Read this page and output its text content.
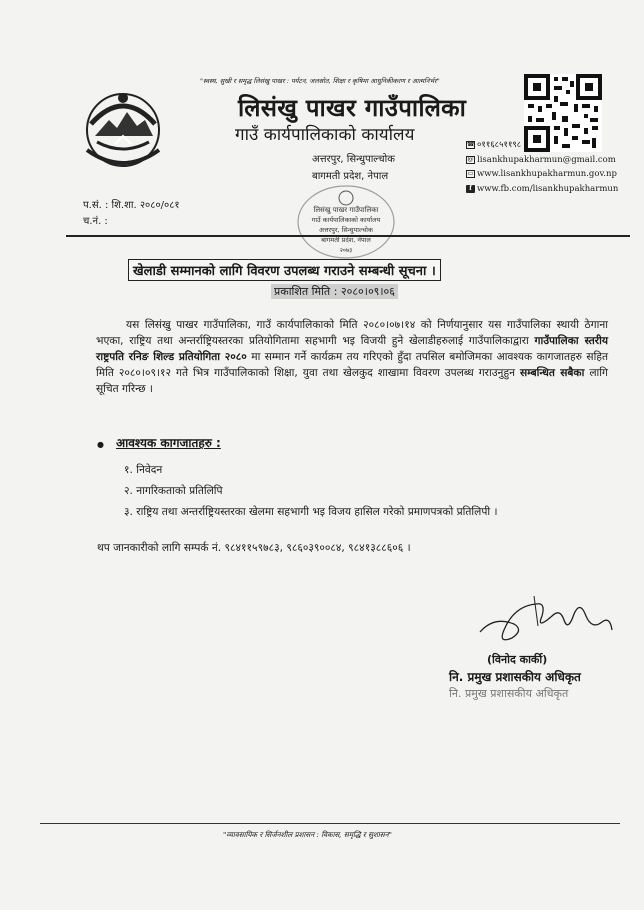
"स्वस्थ, सुखी र समृद्ध लिसंखु पाखर : पर्यटन, जलस्रोत, शिक्षा र कृषिमा आधुनिकीकरण र आत्मनिर्भर"
लिसंखु पाखर गाउँपालिका
गाउँ कार्यपालिकाको कार्यालय
अत्तरपुर, सिन्धुपाल्चोक
बागमती प्रदेश, नेपाल
☎ ०११६८५११९८
@ lisankhupakharmun@gmail.com
▭ www.lisankhupakharmun.gov.np
f www.fb.com/lisankhupakharmun
प.सं. : शि.शा. २०८०/०८१
च.नं. :
लिसंखु पाखर गाउँपालिका
गाउँ कार्यपालिकाको कार्यालय
अत्तरपुर, सिन्धुपाल्चोक
बागमती प्रदेश, नेपाल
२०७३
खेलाडी सम्मानको लागि विवरण उपलब्ध गराउने सम्बन्धी सूचना ।
प्रकाशित मिति : २०८०।०९।०६
यस लिसंखु पाखर गाउँपालिका, गाउँ कार्यपालिकाको मिति २०८०।०७।१४ को निर्णयानुसार यस गाउँपालिका स्थायी ठेगाना भएका, राष्ट्रिय तथा अन्तर्राष्ट्रियस्तरका प्रतियोगितामा सहभागी भइ विजयी हुने खेलाडीहरुलाई गाउँपालिकाद्वारा गाउँपालिका स्तरीय राष्ट्रपति रनिङ शिल्ड प्रतियोगिता २०८० मा सम्मान गर्ने कार्यक्रम तय गरिएको हुँदा तपसिल बमोजिमका आवश्यक कागजातहरु सहित मिति २०८०।०९।१२ गते भित्र गाउँपालिकाको शिक्षा, युवा तथा खेलकुद शाखामा विवरण उपलब्ध गराउनुहुन सम्बन्धित सबैका लागि सूचित गरिन्छ ।
● आवश्यक कागजातहरु :
१. निवेदन
२. नागरिकताको प्रतिलिपि
३. राष्ट्रिय तथा अन्तर्राष्ट्रियस्तरका खेलमा सहभागी भइ विजय हासिल गरेको प्रमाणपत्रको प्रतिलिपी ।
थप जानकारीको लागि सम्पर्क नं. ९८४११५९७८३, ९८६०३९००८४, ९८४१३८८६०६ ।
(विनोद कार्की)
नि. प्रमुख प्रशासकीय अधिकृत
नि. प्रमुख प्रशासकीय अधिकृत
"व्यावसायिक र सिर्जनशील प्रशासन : विकास, समृद्धि र सुशासन"
